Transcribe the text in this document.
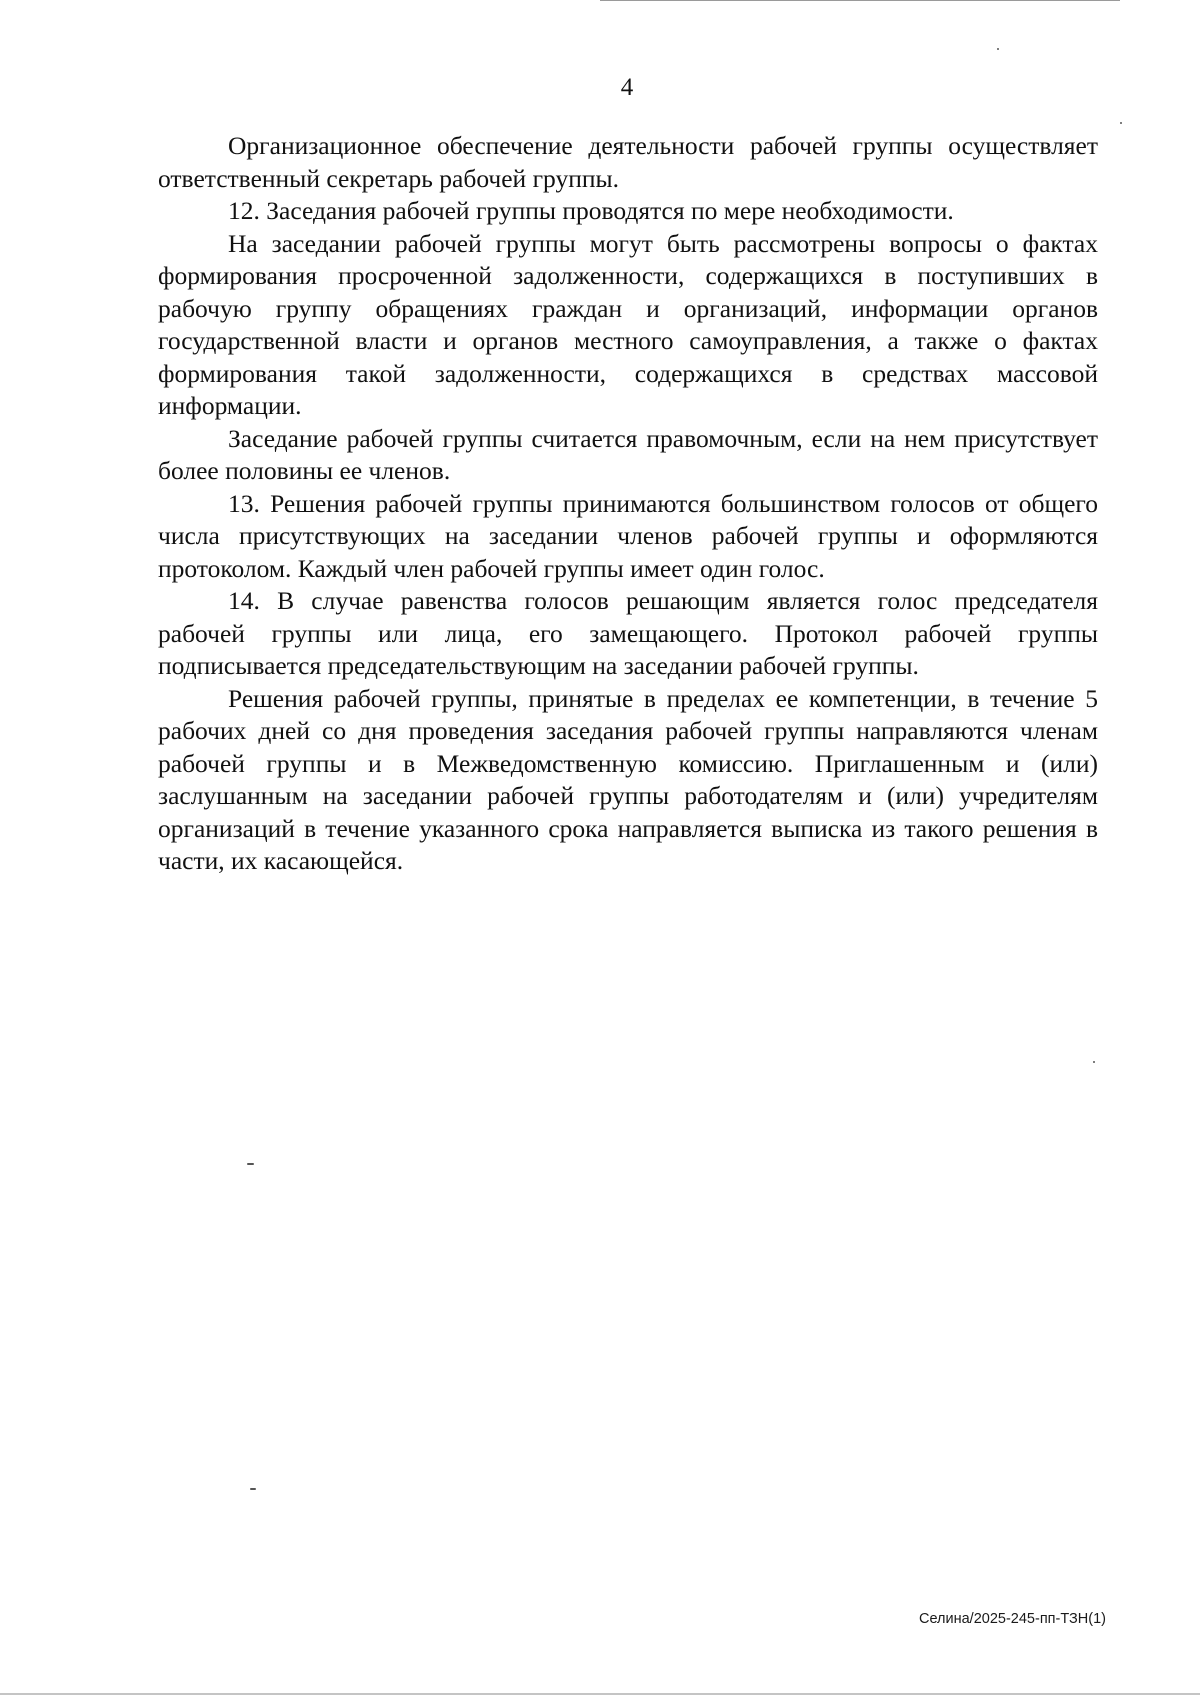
4

Организационное обеспечение деятельности рабочей группы осуществляет ответственный секретарь рабочей группы.

12. Заседания рабочей группы проводятся по мере необходимости.

На заседании рабочей группы могут быть рассмотрены вопросы о фактах формирования просроченной задолженности, содержащихся в поступивших в рабочую группу обращениях граждан и организаций, информации органов государственной власти и органов местного самоуправления, а также о фактах формирования такой задолженности, содержащихся в средствах массовой информации.

Заседание рабочей группы считается правомочным, если на нем присутствует более половины ее членов.

13. Решения рабочей группы принимаются большинством голосов от общего числа присутствующих на заседании членов рабочей группы и оформляются протоколом. Каждый член рабочей группы имеет один голос.

14. В случае равенства голосов решающим является голос председателя рабочей группы или лица, его замещающего. Протокол рабочей группы подписывается председательствующим на заседании рабочей группы.

Решения рабочей группы, принятые в пределах ее компетенции, в течение 5 рабочих дней со дня проведения заседания рабочей группы направляются членам рабочей группы и в Межведомственную комиссию. Приглашенным и (или) заслушанным на заседании рабочей группы работодателям и (или) учредителям организаций в течение указанного срока направляется выписка из такого решения в части, их касающейся.

Селина/2025-245-пп-ТЗН(1)
